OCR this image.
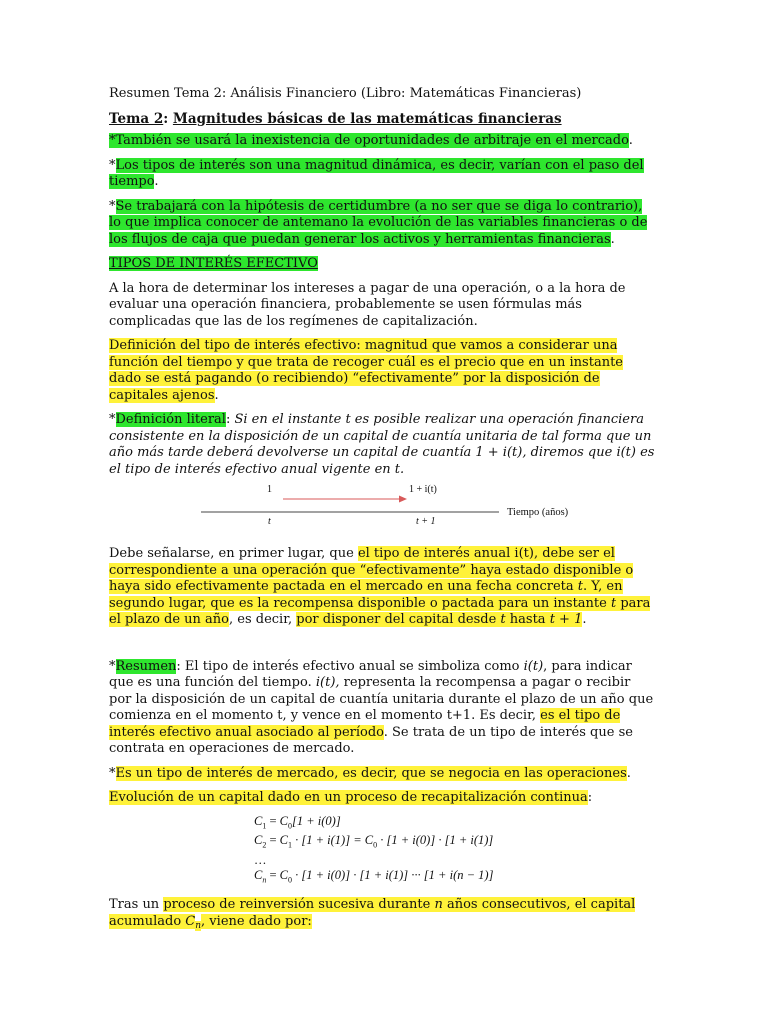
Resumen Tema 2: Análisis Financiero (Libro: Matemáticas Financieras)

Tema 2: Magnitudes básicas de las matemáticas financieras

*También se usará la inexistencia de oportunidades de arbitraje en el mercado.

*Los tipos de interés son una magnitud dinámica, es decir, varían con el paso del tiempo.

*Se trabajará con la hipótesis de certidumbre (a no ser que se diga lo contrario), lo que implica conocer de antemano la evolución de las variables financieras o de los flujos de caja que puedan generar los activos y herramientas financieras.

TIPOS DE INTERÉS EFECTIVO

A la hora de determinar los intereses a pagar de una operación, o a la hora de evaluar una operación financiera, probablemente se usen fórmulas más complicadas que las de los regímenes de capitalización.

Definición del tipo de interés efectivo: magnitud que vamos a considerar una función del tiempo y que trata de recoger cuál es el precio que en un instante dado se está pagando (o recibiendo) “efectivamente” por la disposición de capitales ajenos.

*Definición literal: Si en el instante t es posible realizar una operación financiera consistente en la disposición de un capital de cuantía unitaria de tal forma que un año más tarde deberá devolverse un capital de cuantía 1 + i(t), diremos que i(t) es el tipo de interés efectivo anual vigente en t.

1	1 + i(t)
t	t + 1
Tiempo (años)

Debe señalarse, en primer lugar, que el tipo de interés anual i(t), debe ser el correspondiente a una operación que “efectivamente” haya estado disponible o haya sido efectivamente pactada en el mercado en una fecha concreta t. Y, en segundo lugar, que es la recompensa disponible o pactada para un instante t para el plazo de un año, es decir, por disponer del capital desde t hasta t + 1.

*Resumen: El tipo de interés efectivo anual se simboliza como i(t), para indicar que es una función del tiempo. i(t), representa la recompensa a pagar o recibir por la disposición de un capital de cuantía unitaria durante el plazo de un año que comienza en el momento t, y vence en el momento t+1. Es decir, es el tipo de interés efectivo anual asociado al período. Se trata de un tipo de interés que se contrata en operaciones de mercado.

*Es un tipo de interés de mercado, es decir, que se negocia en las operaciones.

Evolución de un capital dado en un proceso de recapitalización continua:

$C_1 = C_0[1 + i(0)]$
$C_2 = C_1 \cdot [1 + i(1)] = C_0 \cdot [1 + i(0)] \cdot [1 + i(1)]$
…
$C_n = C_0 \cdot [1 + i(0)] \cdot [1 + i(1)]$ ··· [1 + i(n − 1)]

Tras un proceso de reinversión sucesiva durante n años consecutivos, el capital acumulado $C_n$, viene dado por:
